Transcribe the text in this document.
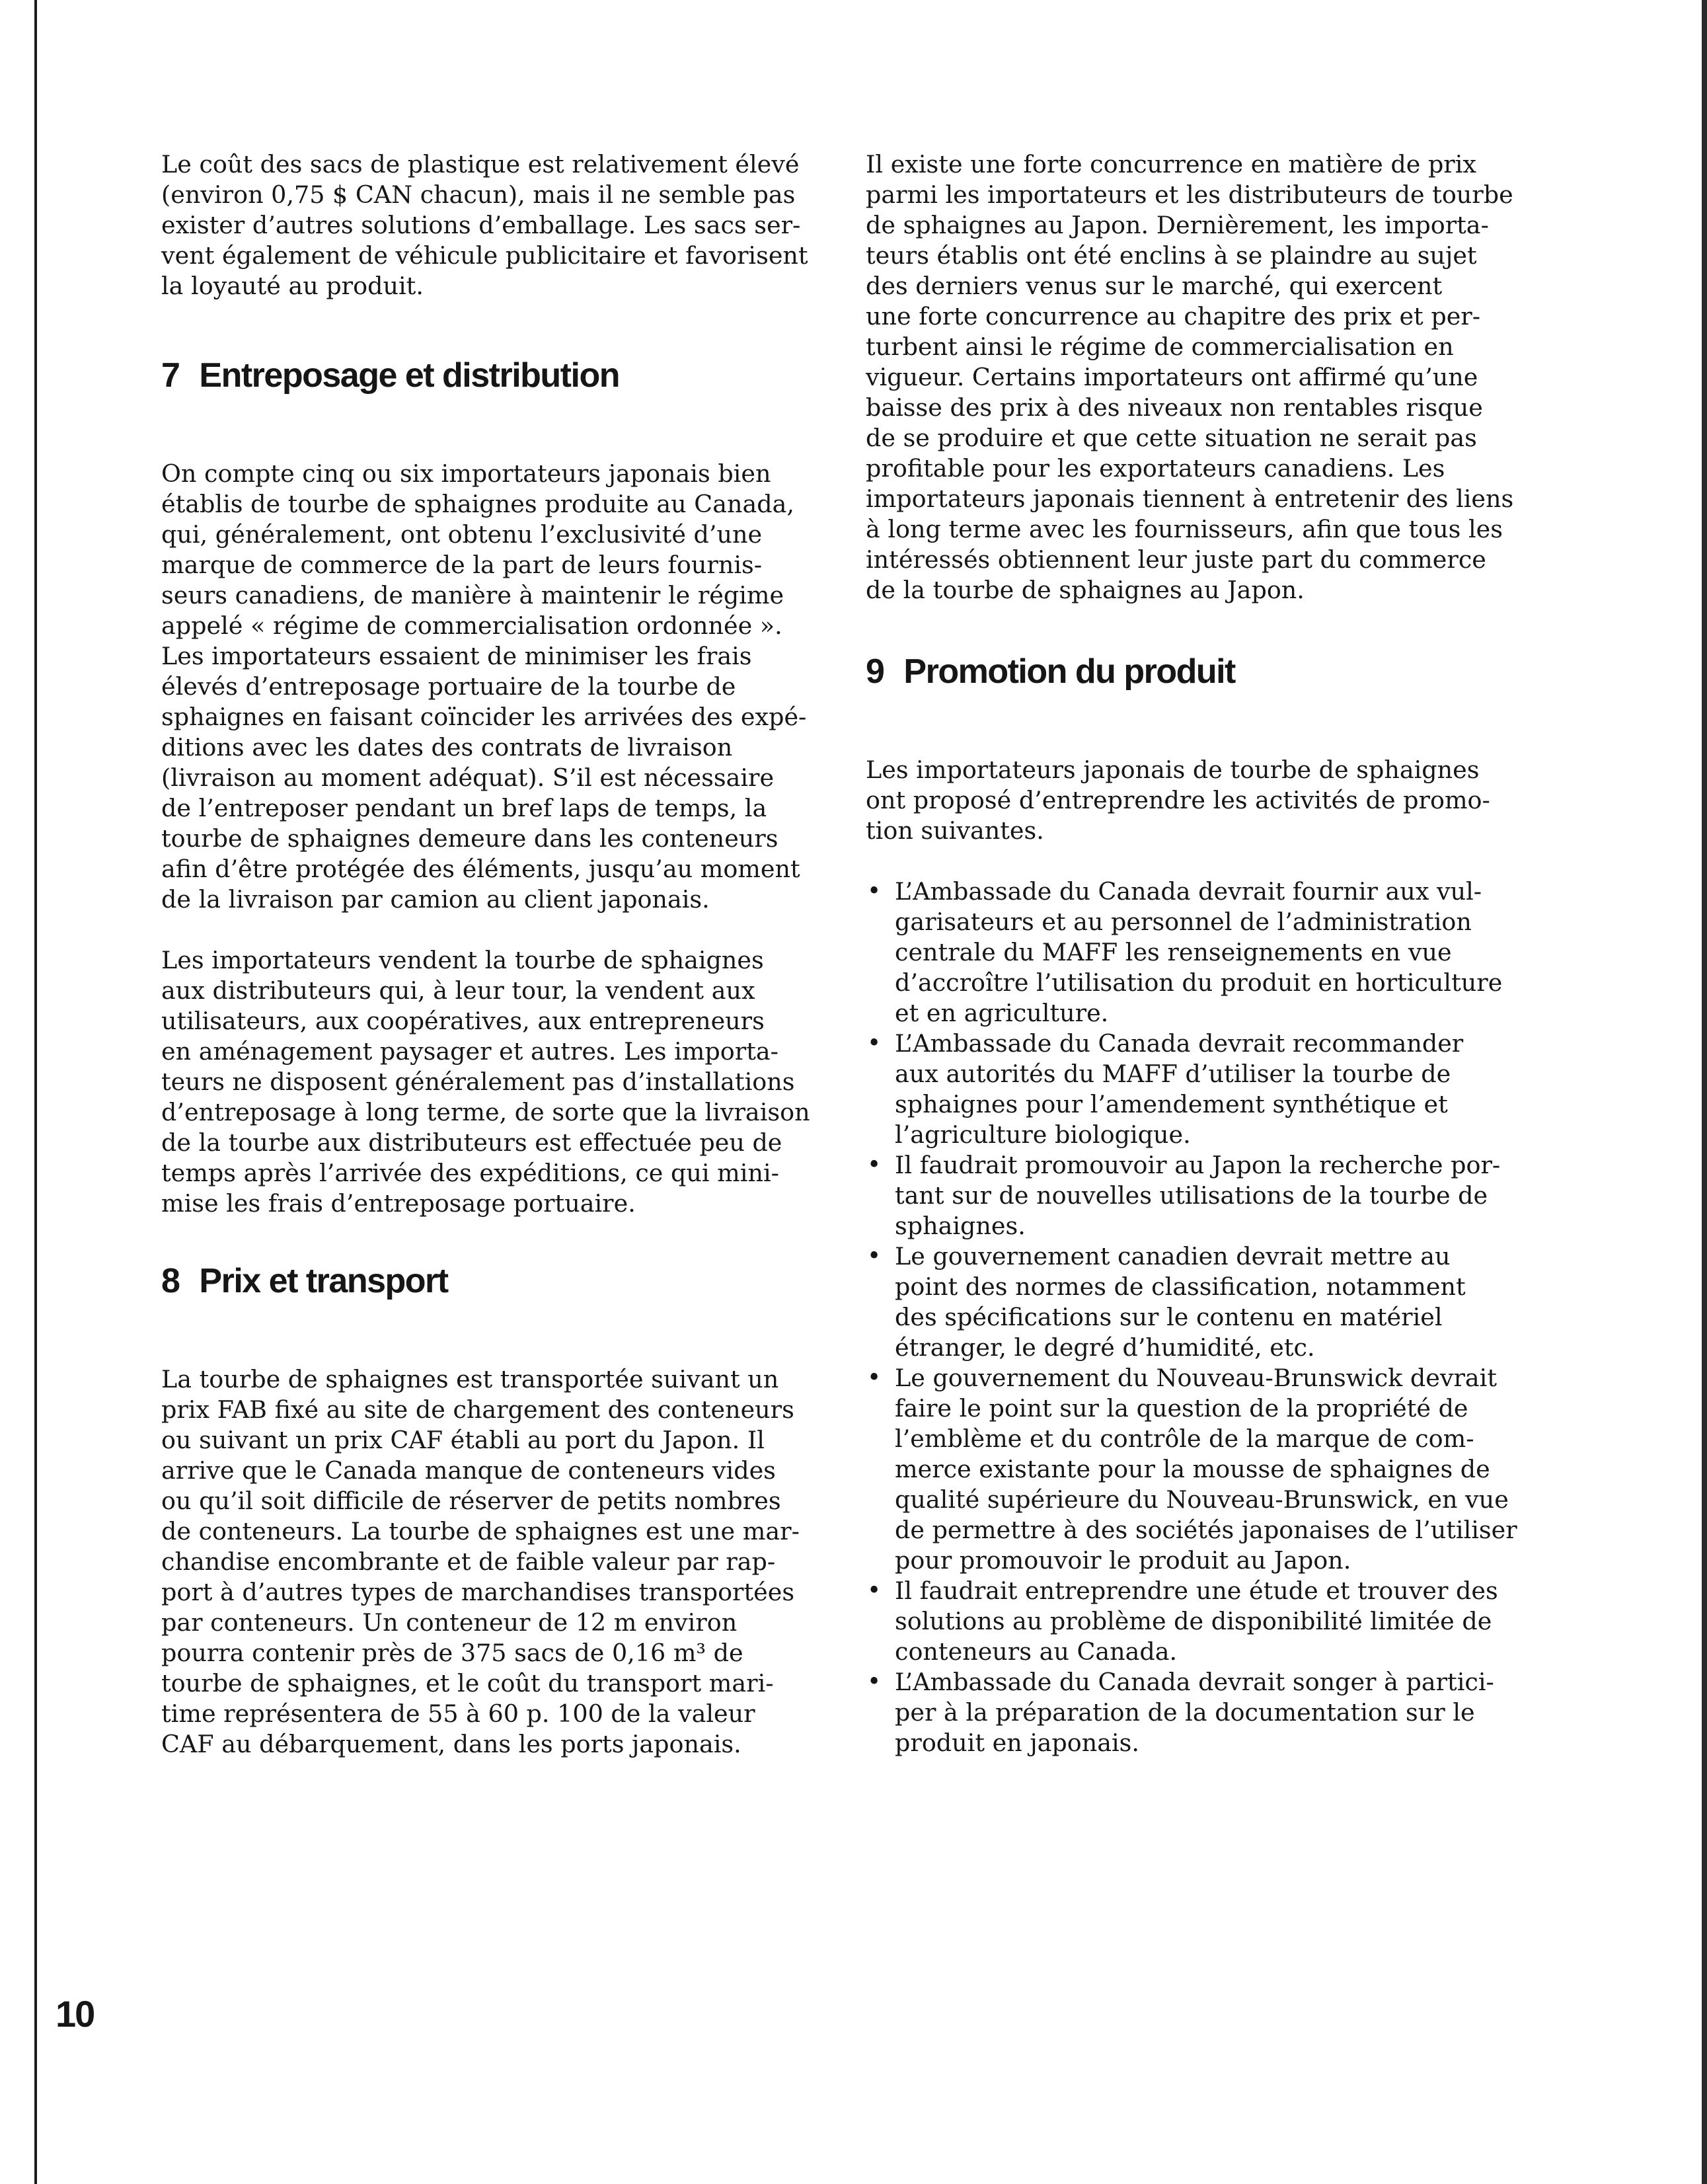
Le coût des sacs de plastique est relativement élevé
(environ 0,75 $ CAN chacun), mais il ne semble pas
exister d’autres solutions d’emballage. Les sacs ser-
vent également de véhicule publicitaire et favorisent
la loyauté au produit.

7 Entreposage et distribution

On compte cinq ou six importateurs japonais bien
établis de tourbe de sphaignes produite au Canada,
qui, généralement, ont obtenu l’exclusivité d’une
marque de commerce de la part de leurs fournis-
seurs canadiens, de manière à maintenir le régime
appelé « régime de commercialisation ordonnée ».
Les importateurs essaient de minimiser les frais
élevés d’entreposage portuaire de la tourbe de
sphaignes en faisant coïncider les arrivées des expé-
ditions avec les dates des contrats de livraison
(livraison au moment adéquat). S’il est nécessaire
de l’entreposer pendant un bref laps de temps, la
tourbe de sphaignes demeure dans les conteneurs
afin d’être protégée des éléments, jusqu’au moment
de la livraison par camion au client japonais.

Les importateurs vendent la tourbe de sphaignes
aux distributeurs qui, à leur tour, la vendent aux
utilisateurs, aux coopératives, aux entrepreneurs
en aménagement paysager et autres. Les importa-
teurs ne disposent généralement pas d’installations
d’entreposage à long terme, de sorte que la livraison
de la tourbe aux distributeurs est effectuée peu de
temps après l’arrivée des expéditions, ce qui mini-
mise les frais d’entreposage portuaire.

8 Prix et transport

La tourbe de sphaignes est transportée suivant un
prix FAB fixé au site de chargement des conteneurs
ou suivant un prix CAF établi au port du Japon. Il
arrive que le Canada manque de conteneurs vides
ou qu’il soit difficile de réserver de petits nombres
de conteneurs. La tourbe de sphaignes est une mar-
chandise encombrante et de faible valeur par rap-
port à d’autres types de marchandises transportées
par conteneurs. Un conteneur de 12 m environ
pourra contenir près de 375 sacs de 0,16 m³ de
tourbe de sphaignes, et le coût du transport mari-
time représentera de 55 à 60 p. 100 de la valeur
CAF au débarquement, dans les ports japonais.

Il existe une forte concurrence en matière de prix
parmi les importateurs et les distributeurs de tourbe
de sphaignes au Japon. Dernièrement, les importa-
teurs établis ont été enclins à se plaindre au sujet
des derniers venus sur le marché, qui exercent
une forte concurrence au chapitre des prix et per-
turbent ainsi le régime de commercialisation en
vigueur. Certains importateurs ont affirmé qu’une
baisse des prix à des niveaux non rentables risque
de se produire et que cette situation ne serait pas
profitable pour les exportateurs canadiens. Les
importateurs japonais tiennent à entretenir des liens
à long terme avec les fournisseurs, afin que tous les
intéressés obtiennent leur juste part du commerce
de la tourbe de sphaignes au Japon.

9 Promotion du produit

Les importateurs japonais de tourbe de sphaignes
ont proposé d’entreprendre les activités de promo-
tion suivantes.

• L’Ambassade du Canada devrait fournir aux vul-
garisateurs et au personnel de l’administration
centrale du MAFF les renseignements en vue
d’accroître l’utilisation du produit en horticulture
et en agriculture.
• L’Ambassade du Canada devrait recommander
aux autorités du MAFF d’utiliser la tourbe de
sphaignes pour l’amendement synthétique et
l’agriculture biologique.
• Il faudrait promouvoir au Japon la recherche por-
tant sur de nouvelles utilisations de la tourbe de
sphaignes.
• Le gouvernement canadien devrait mettre au
point des normes de classification, notamment
des spécifications sur le contenu en matériel
étranger, le degré d’humidité, etc.
• Le gouvernement du Nouveau-Brunswick devrait
faire le point sur la question de la propriété de
l’emblème et du contrôle de la marque de com-
merce existante pour la mousse de sphaignes de
qualité supérieure du Nouveau-Brunswick, en vue
de permettre à des sociétés japonaises de l’utiliser
pour promouvoir le produit au Japon.
• Il faudrait entreprendre une étude et trouver des
solutions au problème de disponibilité limitée de
conteneurs au Canada.
• L’Ambassade du Canada devrait songer à partici-
per à la préparation de la documentation sur le
produit en japonais.
10
